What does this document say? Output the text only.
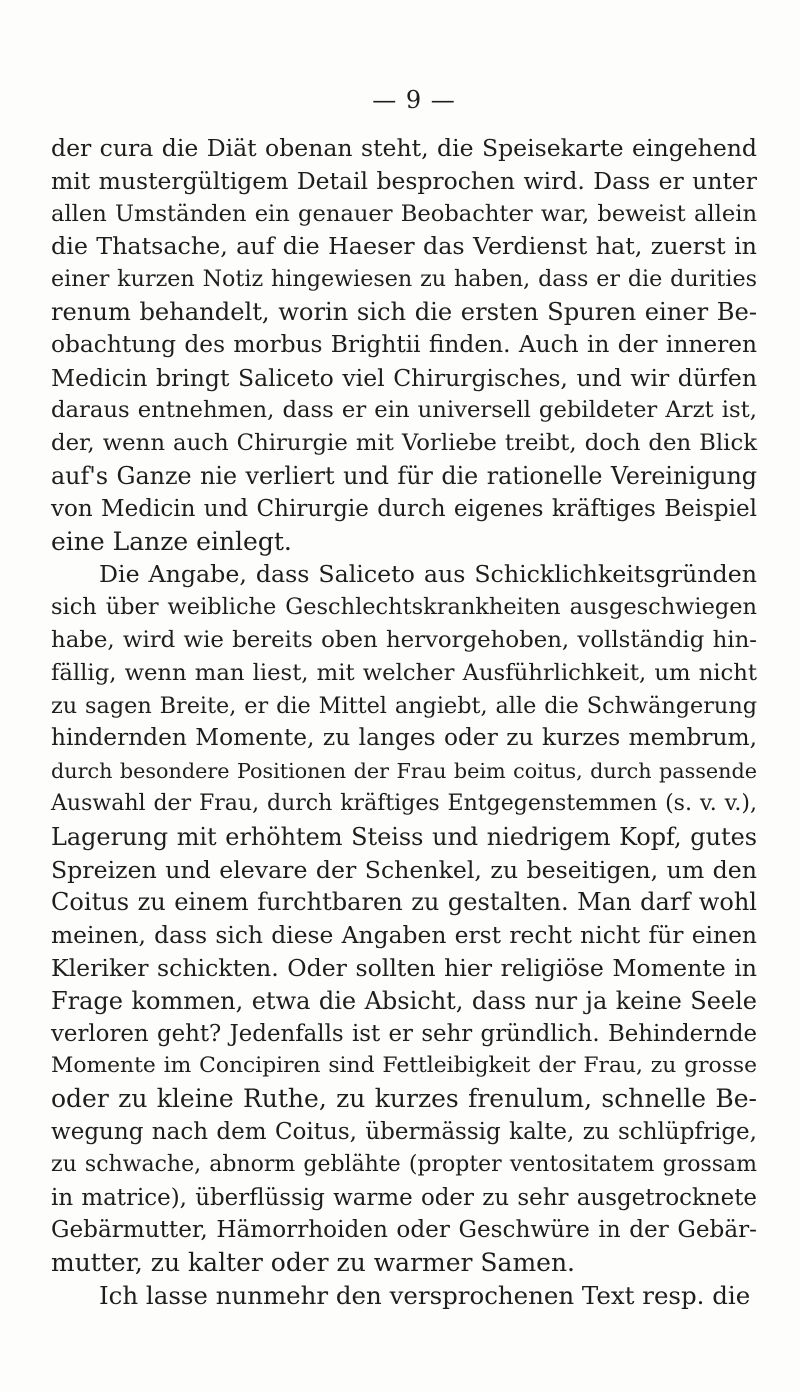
— 9 —
der cura die Diät obenan steht, die Speisekarte eingehend
mit mustergültigem Detail besprochen wird. Dass er unter
allen Umständen ein genauer Beobachter war, beweist allein
die Thatsache, auf die Haeser das Verdienst hat, zuerst in
einer kurzen Notiz hingewiesen zu haben, dass er die durities
renum behandelt, worin sich die ersten Spuren einer Be-
obachtung des morbus Brightii finden. Auch in der inneren
Medicin bringt Saliceto viel Chirurgisches, und wir dürfen
daraus entnehmen, dass er ein universell gebildeter Arzt ist,
der, wenn auch Chirurgie mit Vorliebe treibt, doch den Blick
auf's Ganze nie verliert und für die rationelle Vereinigung
von Medicin und Chirurgie durch eigenes kräftiges Beispiel
eine Lanze einlegt.
Die Angabe, dass Saliceto aus Schicklichkeitsgründen
sich über weibliche Geschlechtskrankheiten ausgeschwiegen
habe, wird wie bereits oben hervorgehoben, vollständig hin-
fällig, wenn man liest, mit welcher Ausführlichkeit, um nicht
zu sagen Breite, er die Mittel angiebt, alle die Schwängerung
hindernden Momente, zu langes oder zu kurzes membrum,
durch besondere Positionen der Frau beim coitus, durch passende
Auswahl der Frau, durch kräftiges Entgegenstemmen (s. v. v.),
Lagerung mit erhöhtem Steiss und niedrigem Kopf, gutes
Spreizen und elevare der Schenkel, zu beseitigen, um den
Coitus zu einem furchtbaren zu gestalten. Man darf wohl
meinen, dass sich diese Angaben erst recht nicht für einen
Kleriker schickten. Oder sollten hier religiöse Momente in
Frage kommen, etwa die Absicht, dass nur ja keine Seele
verloren geht? Jedenfalls ist er sehr gründlich. Behindernde
Momente im Concipiren sind Fettleibigkeit der Frau, zu grosse
oder zu kleine Ruthe, zu kurzes frenulum, schnelle Be-
wegung nach dem Coitus, übermässig kalte, zu schlüpfrige,
zu schwache, abnorm geblähte (propter ventositatem grossam
in matrice), überflüssig warme oder zu sehr ausgetrocknete
Gebärmutter, Hämorrhoiden oder Geschwüre in der Gebär-
mutter, zu kalter oder zu warmer Samen.
Ich lasse nunmehr den versprochenen Text resp. die
